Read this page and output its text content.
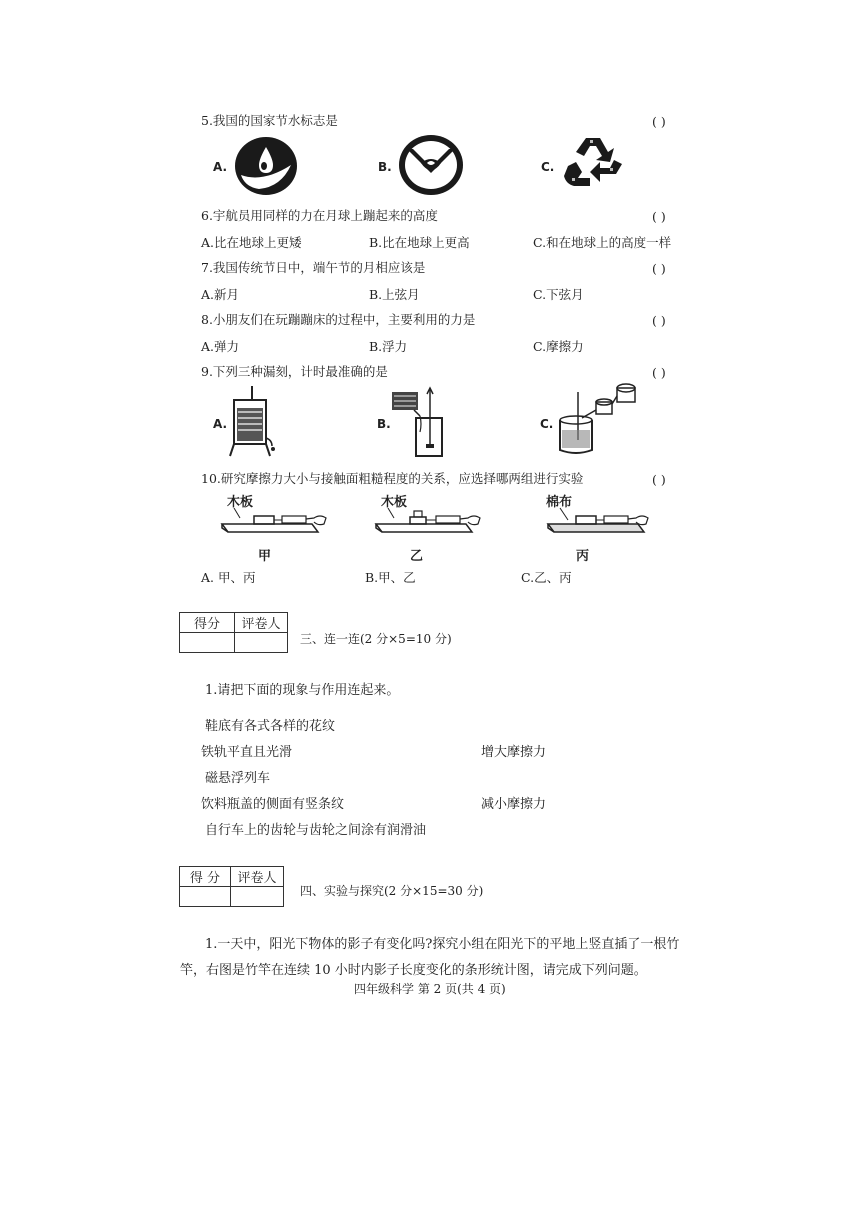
5.我国的国家节水标志是	( )
A.	B.	C.
6.宇航员用同样的力在月球上蹦起来的高度	( )
A.比在地球上更矮	B.比在地球上更高	C.和在地球上的高度一样
7.我国传统节日中，端午节的月相应该是	( )
A.新月	B.上弦月	C.下弦月
8.小朋友们在玩蹦蹦床的过程中，主要利用的力是	( )
A.弹力	B.浮力	C.摩擦力
9.下列三种漏刻，计时最准确的是	( )
A.	B.	C.
10.研究摩擦力大小与接触面粗糙程度的关系，应选择哪两组进行实验	( )
木板
甲
木板
乙
棉布
丙
A. 甲、丙	B.甲、乙	C.乙、丙
得分	评卷人

三、连一连(2 分×5=10 分)
1.请把下面的现象与作用连起来。
鞋底有各式各样的花纹
铁轨平直且光滑
磁悬浮列车
饮料瓶盖的侧面有竖条纹
自行车上的齿轮与齿轮之间涂有润滑油
增大摩擦力
减小摩擦力
得 分	评卷人

四、实验与探究(2 分×15=30 分)
1.一天中，阳光下物体的影子有变化吗?探究小组在阳光下的平地上竖直插了一根竹
竿，右图是竹竿在连续 10 小时内影子长度变化的条形统计图，请完成下列问题。
四年级科学 第 2 页(共 4 页)
